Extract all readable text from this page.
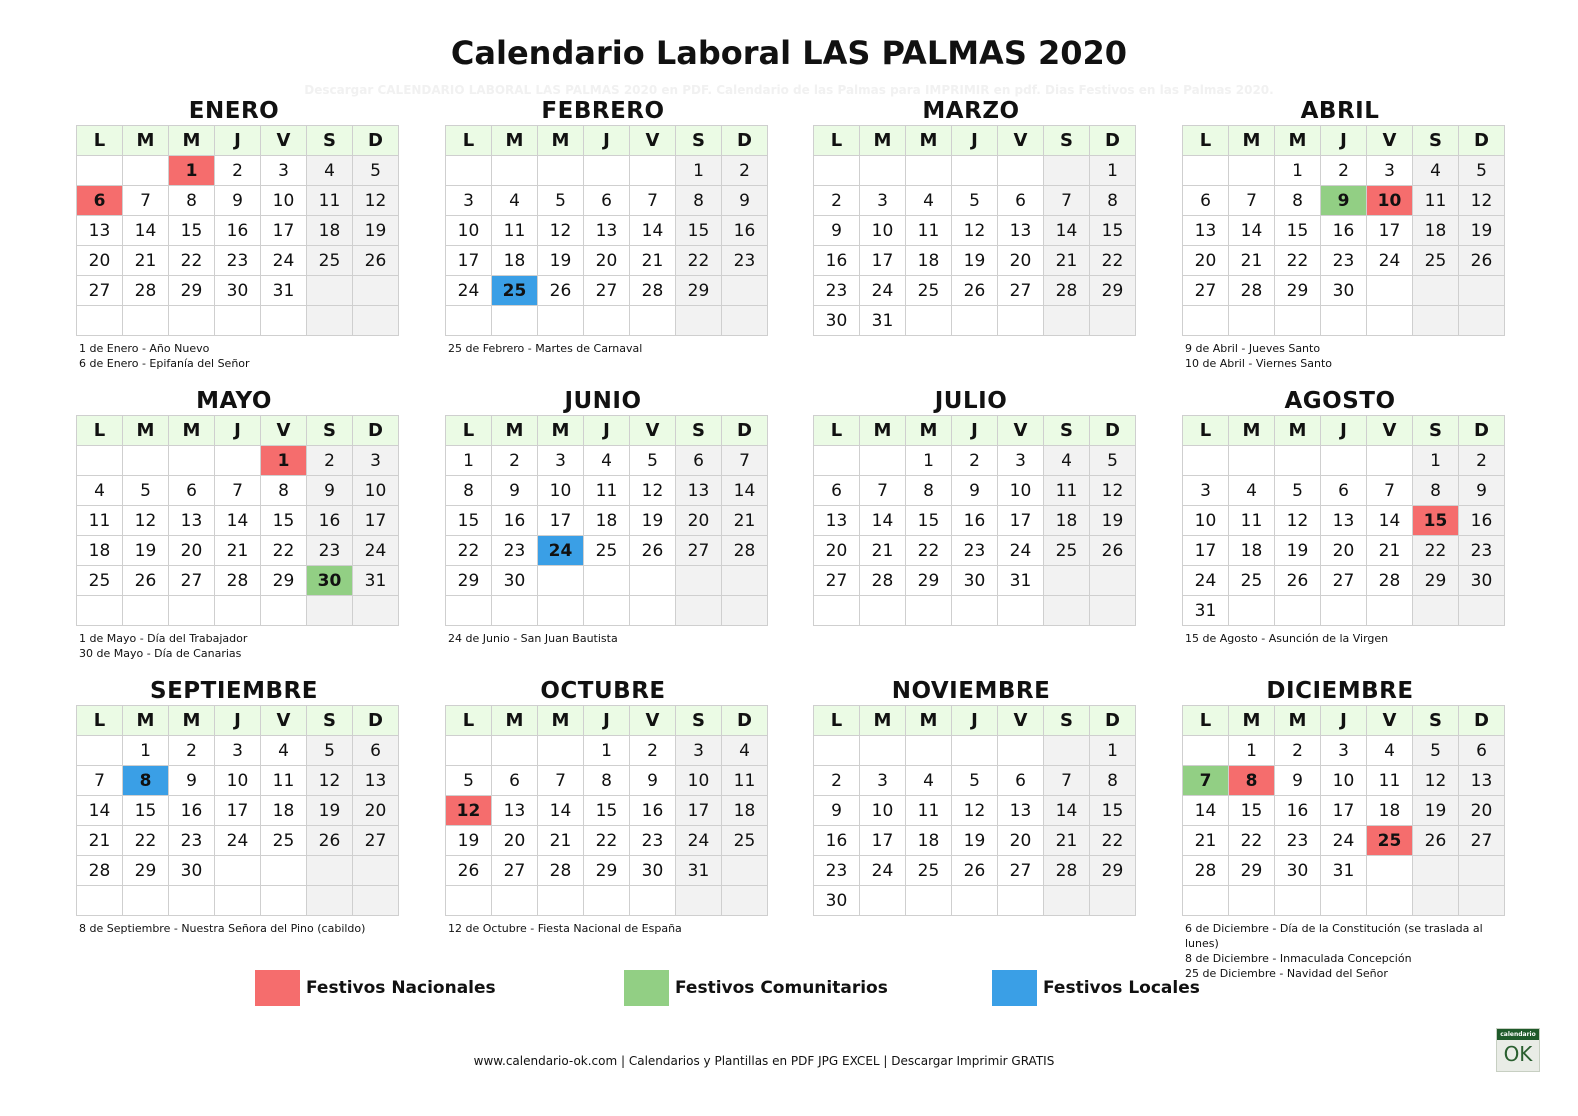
Calendario Laboral LAS PALMAS 2020
Descargar CALENDARIO LABORAL LAS PALMAS 2020 en PDF. Calendario de las Palmas para IMPRIMIR en pdf. Dias Festivos en las Palmas 2020.
ENERO
L	M	M	J	V	S	D
		1	2	3	4	5
6	7	8	9	10	11	12
13	14	15	16	17	18	19
20	21	22	23	24	25	26
27	28	29	30	31		

1 de Enero - Año Nuevo
6 de Enero - Epifanía del Señor
FEBRERO
L	M	M	J	V	S	D
					1	2
3	4	5	6	7	8	9
10	11	12	13	14	15	16
17	18	19	20	21	22	23
24	25	26	27	28	29	

25 de Febrero - Martes de Carnaval
MARZO
L	M	M	J	V	S	D
						1
2	3	4	5	6	7	8
9	10	11	12	13	14	15
16	17	18	19	20	21	22
23	24	25	26	27	28	29
30	31					
ABRIL
L	M	M	J	V	S	D
		1	2	3	4	5
6	7	8	9	10	11	12
13	14	15	16	17	18	19
20	21	22	23	24	25	26
27	28	29	30			

9 de Abril - Jueves Santo
10 de Abril - Viernes Santo
MAYO
L	M	M	J	V	S	D
				1	2	3
4	5	6	7	8	9	10
11	12	13	14	15	16	17
18	19	20	21	22	23	24
25	26	27	28	29	30	31

1 de Mayo - Día del Trabajador
30 de Mayo - Día de Canarias
JUNIO
L	M	M	J	V	S	D
1	2	3	4	5	6	7
8	9	10	11	12	13	14
15	16	17	18	19	20	21
22	23	24	25	26	27	28
29	30					

24 de Junio - San Juan Bautista
JULIO
L	M	M	J	V	S	D
		1	2	3	4	5
6	7	8	9	10	11	12
13	14	15	16	17	18	19
20	21	22	23	24	25	26
27	28	29	30	31		

AGOSTO
L	M	M	J	V	S	D
					1	2
3	4	5	6	7	8	9
10	11	12	13	14	15	16
17	18	19	20	21	22	23
24	25	26	27	28	29	30
31						
15 de Agosto - Asunción de la Virgen
SEPTIEMBRE
L	M	M	J	V	S	D
	1	2	3	4	5	6
7	8	9	10	11	12	13
14	15	16	17	18	19	20
21	22	23	24	25	26	27
28	29	30				

8 de Septiembre - Nuestra Señora del Pino (cabildo)
OCTUBRE
L	M	M	J	V	S	D
			1	2	3	4
5	6	7	8	9	10	11
12	13	14	15	16	17	18
19	20	21	22	23	24	25
26	27	28	29	30	31	

12 de Octubre - Fiesta Nacional de España
NOVIEMBRE
L	M	M	J	V	S	D
						1
2	3	4	5	6	7	8
9	10	11	12	13	14	15
16	17	18	19	20	21	22
23	24	25	26	27	28	29
30						
DICIEMBRE
L	M	M	J	V	S	D
	1	2	3	4	5	6
7	8	9	10	11	12	13
14	15	16	17	18	19	20
21	22	23	24	25	26	27
28	29	30	31			

6 de Diciembre - Día de la Constitución (se traslada al lunes)
8 de Diciembre - Inmaculada Concepción
25 de Diciembre - Navidad del Señor
Festivos Nacionales	Festivos Comunitarios	Festivos Locales
www.calendario-ok.com | Calendarios y Plantillas en PDF JPG EXCEL | Descargar Imprimir GRATIS
calendario
OK
